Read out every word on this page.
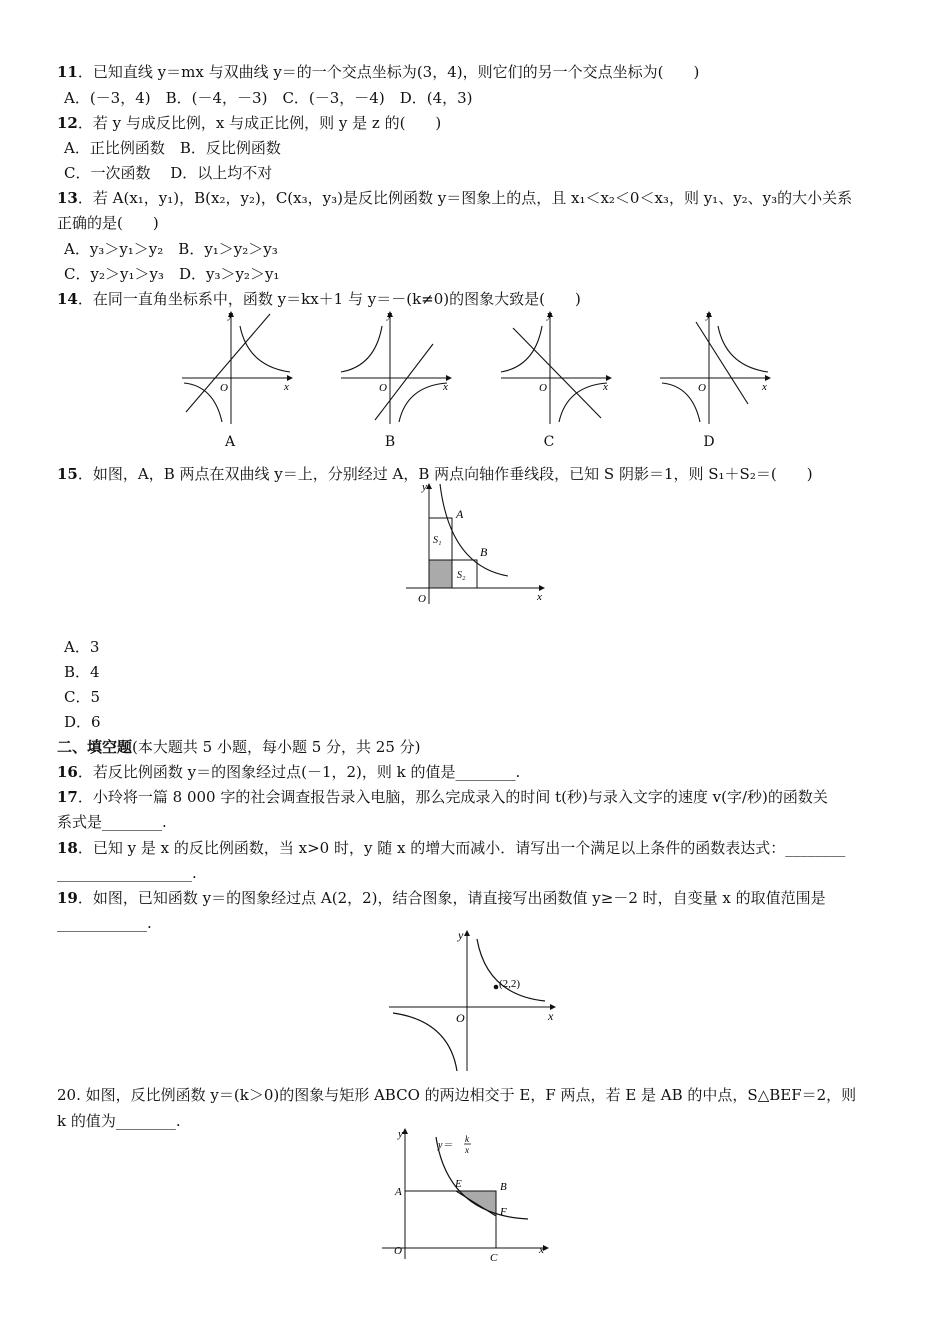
11．已知直线 y＝mx 与双曲线 y＝的一个交点坐标为(3，4)，则它们的另一个交点坐标为(　　)
A．(－3，4)　B．(－4，－3)　C．(－3，－4)　D．(4，3)
12．若 y 与成反比例，x 与成正比例，则 y 是 z 的(　　)
A．正比例函数　B．反比例函数
C．一次函数　 D．以上均不对
13．若 A(x₁，y₁)，B(x₂，y₂)，C(x₃，y₃)是反比例函数 y＝图象上的点，且 x₁＜x₂＜0＜x₃，则 y₁、y₂、y₃的大小关系
正确的是(　　)
A．y₃＞y₁＞y₂　B．y₁＞y₂＞y₃
C．y₂＞y₁＞y₃　D．y₃＞y₂＞y₁
14．在同一直角坐标系中，函数 y＝kx＋1 与 y＝－(k≠0)的图象大致是(　　)
y
x
O
y
x
O
y
x
O
y
x
O
A	B	C	D
15．如图，A，B 两点在双曲线 y＝上，分别经过 A，B 两点向轴作垂线段，已知 S 阴影＝1，则 S₁＋S₂＝(　　)
y
x
O
A
B
S₁
S₂
A．3
B．4
C．5
D．6
二、填空题(本大题共 5 小题，每小题 5 分，共 25 分)
16．若反比例函数 y＝的图象经过点(－1，2)，则 k 的值是________.
17．小玲将一篇 8 000 字的社会调查报告录入电脑，那么完成录入的时间 t(秒)与录入文字的速度 v(字/秒)的函数关
系式是________.
18．已知 y 是 x 的反比例函数，当 x>0 时，y 随 x 的增大而减小．请写出一个满足以上条件的函数表达式：________
__________________.
19．如图，已知函数 y＝的图象经过点 A(2，2)，结合图象，请直接写出函数值 y≥－2 时，自变量 x 的取值范围是
____________.
y
x
O
(2,2)
20. 如图，反比例函数 y＝(k＞0)的图象与矩形 ABCO 的两边相交于 E，F 两点，若 E 是 AB 的中点，S△BEF＝2，则
k 的值为________.
y
x
O
y＝
k
x
A	B
C
E
F
